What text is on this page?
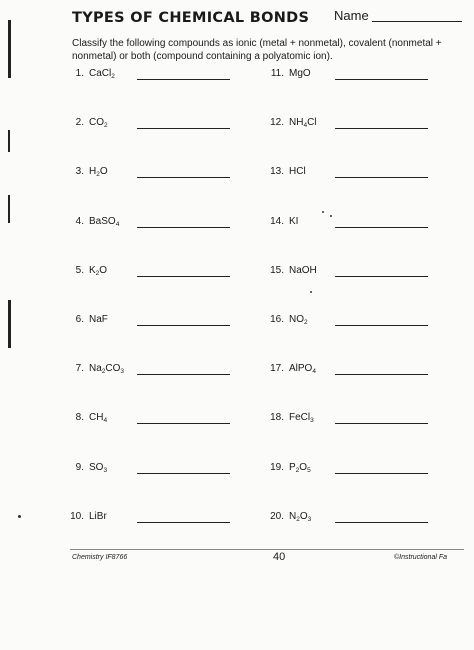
TYPES OF CHEMICAL BONDS Name
Classify the following compounds as ionic (metal + nonmetal), covalent (nonmetal +
nonmetal) or both (compound containing a polyatomic ion).
1. CaCl$_2$
2. $CO_2$
3. $H_2O$
4. BaSO$_4$
5. $K_2O$
6. NaF
7. $Na_2CO_3$
8. $CH_4$
9. $SO_3$
10. LiBr
11. MgO
12. $NH_4Cl$
13. HCl
14. KI
15. NaOH
16. $NO_2$
17. AlPO$_4$
18. FeCl$_3$
19. $P_2O_5$
20. $N_2O_3$
Chemistry IF8766	40	©Instructional Fa
